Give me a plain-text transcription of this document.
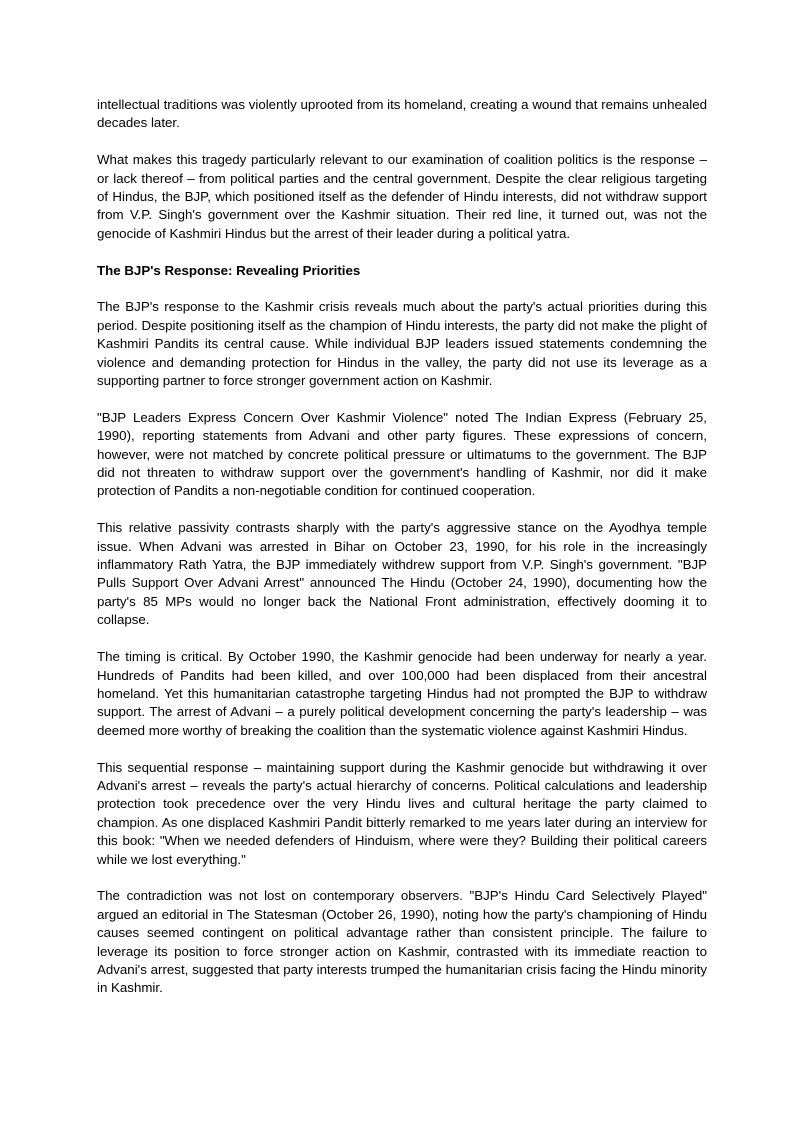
intellectual traditions was violently uprooted from its homeland, creating a wound that remains unhealed decades later.

What makes this tragedy particularly relevant to our examination of coalition politics is the response – or lack thereof – from political parties and the central government. Despite the clear religious targeting of Hindus, the BJP, which positioned itself as the defender of Hindu interests, did not withdraw support from V.P. Singh's government over the Kashmir situation. Their red line, it turned out, was not the genocide of Kashmiri Hindus but the arrest of their leader during a political yatra.

The BJP's Response: Revealing Priorities

The BJP's response to the Kashmir crisis reveals much about the party's actual priorities during this period. Despite positioning itself as the champion of Hindu interests, the party did not make the plight of Kashmiri Pandits its central cause. While individual BJP leaders issued statements condemning the violence and demanding protection for Hindus in the valley, the party did not use its leverage as a supporting partner to force stronger government action on Kashmir.

"BJP Leaders Express Concern Over Kashmir Violence" noted The Indian Express (February 25, 1990), reporting statements from Advani and other party figures. These expressions of concern, however, were not matched by concrete political pressure or ultimatums to the government. The BJP did not threaten to withdraw support over the government's handling of Kashmir, nor did it make protection of Pandits a non-negotiable condition for continued cooperation.

This relative passivity contrasts sharply with the party's aggressive stance on the Ayodhya temple issue. When Advani was arrested in Bihar on October 23, 1990, for his role in the increasingly inflammatory Rath Yatra, the BJP immediately withdrew support from V.P. Singh's government. "BJP Pulls Support Over Advani Arrest" announced The Hindu (October 24, 1990), documenting how the party's 85 MPs would no longer back the National Front administration, effectively dooming it to collapse.

The timing is critical. By October 1990, the Kashmir genocide had been underway for nearly a year. Hundreds of Pandits had been killed, and over 100,000 had been displaced from their ancestral homeland. Yet this humanitarian catastrophe targeting Hindus had not prompted the BJP to withdraw support. The arrest of Advani – a purely political development concerning the party's leadership – was deemed more worthy of breaking the coalition than the systematic violence against Kashmiri Hindus.

This sequential response – maintaining support during the Kashmir genocide but withdrawing it over Advani's arrest – reveals the party's actual hierarchy of concerns. Political calculations and leadership protection took precedence over the very Hindu lives and cultural heritage the party claimed to champion. As one displaced Kashmiri Pandit bitterly remarked to me years later during an interview for this book: "When we needed defenders of Hinduism, where were they? Building their political careers while we lost everything."

The contradiction was not lost on contemporary observers. "BJP's Hindu Card Selectively Played" argued an editorial in The Statesman (October 26, 1990), noting how the party's championing of Hindu causes seemed contingent on political advantage rather than consistent principle. The failure to leverage its position to force stronger action on Kashmir, contrasted with its immediate reaction to Advani's arrest, suggested that party interests trumped the humanitarian crisis facing the Hindu minority in Kashmir.
